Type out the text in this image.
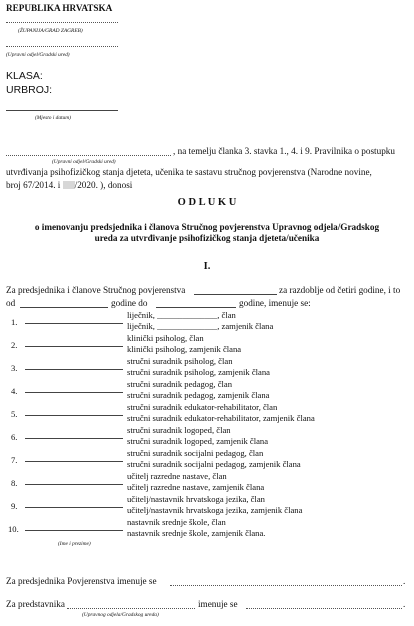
REPUBLIKA HRVATSKA
(ŽUPANIJA/GRAD ZAGREB)
(Upravni odjel/Gradski ured)
KLASA:
URBROJ:
(Mjesto i datum)
, na temelju članka 3. stavka 1., 4. i 9. Pravilnika o postupku
(Upravni odjel/Gradski ured)
utvrđivanja psihofizičkog stanja djeteta, učenika te sastavu stručnog povjerenstva (Narodne novine,
broj 67/2014. i /2020. ), donosi
O D L U K U
o imenovanju predsjednika i članova Stručnog povjerenstva Upravnog odjela/Gradskog
ureda za utvrđivanje psihofizičkog stanja djeteta/učenika
I.
Za predsjednika i članove Stručnog povjerenstva	za razdoblje od četiri godine, i to
od	godine do	godine, imenuje se:
1.
liječnik, ______________, član
liječnik, ______________, zamjenik člana
2.
klinički psiholog, član
klinički psiholog, zamjenik člana
3.
stručni suradnik psiholog, član
stručni suradnik psiholog, zamjenik člana
4.
stručni suradnik pedagog, član
stručni suradnik pedagog, zamjenik člana
5.
stručni suradnik edukator-rehabilitator, član
stručni suradnik edukator-rehabilitator, zamjenik člana
6.
stručni suradnik logoped, član
stručni suradnik logoped, zamjenik člana
7.
stručni suradnik socijalni pedagog, član
stručni suradnik socijalni pedagog, zamjenik člana
8.
učitelj razredne nastave, član
učitelj razredne nastave, zamjenik člana
9.
učitelj/nastavnik hrvatskoga jezika, član
učitelj/nastavnik hrvatskoga jezika, zamjenik člana
10.
nastavnik srednje škole, član
nastavnik srednje škole, zamjenik člana.
(Ime i prezime)
Za predsjednika Povjerenstva imenuje se	.
Za predstavnika	imenuje se	.
(Upravnog odjela/Gradskog ureda)
